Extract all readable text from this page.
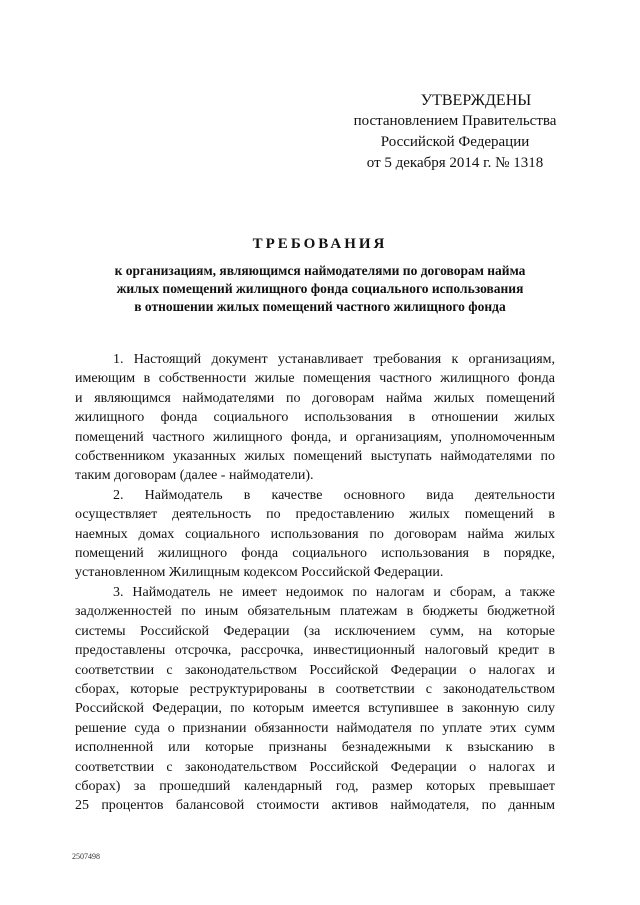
УТВЕРЖДЕНЫ
постановлением Правительства
Российской Федерации
от 5 декабря 2014 г. № 1318
ТРЕБОВАНИЯ
к организациям, являющимся наймодателями по договорам найма
жилых помещений жилищного фонда социального использования
в отношении жилых помещений частного жилищного фонда

1. Настоящий документ устанавливает требования к организациям,
имеющим в собственности жилые помещения частного жилищного фонда
и являющимся наймодателями по договорам найма жилых помещений
жилищного фонда социального использования в отношении жилых
помещений частного жилищного фонда, и организациям, уполномоченным
собственником указанных жилых помещений выступать наймодателями по
таким договорам (далее - наймодатели).

2. Наймодатель в качестве основного вида деятельности
осуществляет деятельность по предоставлению жилых помещений в
наемных домах социального использования по договорам найма жилых
помещений жилищного фонда социального использования в порядке,
установленном Жилищным кодексом Российской Федерации.

3. Наймодатель не имеет недоимок по налогам и сборам, а также
задолженностей по иным обязательным платежам в бюджеты бюджетной
системы Российской Федерации (за исключением сумм, на которые
предоставлены отсрочка, рассрочка, инвестиционный налоговый кредит в
соответствии с законодательством Российской Федерации о налогах и
сборах, которые реструктурированы в соответствии с законодательством
Российской Федерации, по которым имеется вступившее в законную силу
решение суда о признании обязанности наймодателя по уплате этих сумм
исполненной или которые признаны безнадежными к взысканию в
соответствии с законодательством Российской Федерации о налогах и
сборах) за прошедший календарный год, размер которых превышает
25 процентов балансовой стоимости активов наймодателя, по данным

2507498
